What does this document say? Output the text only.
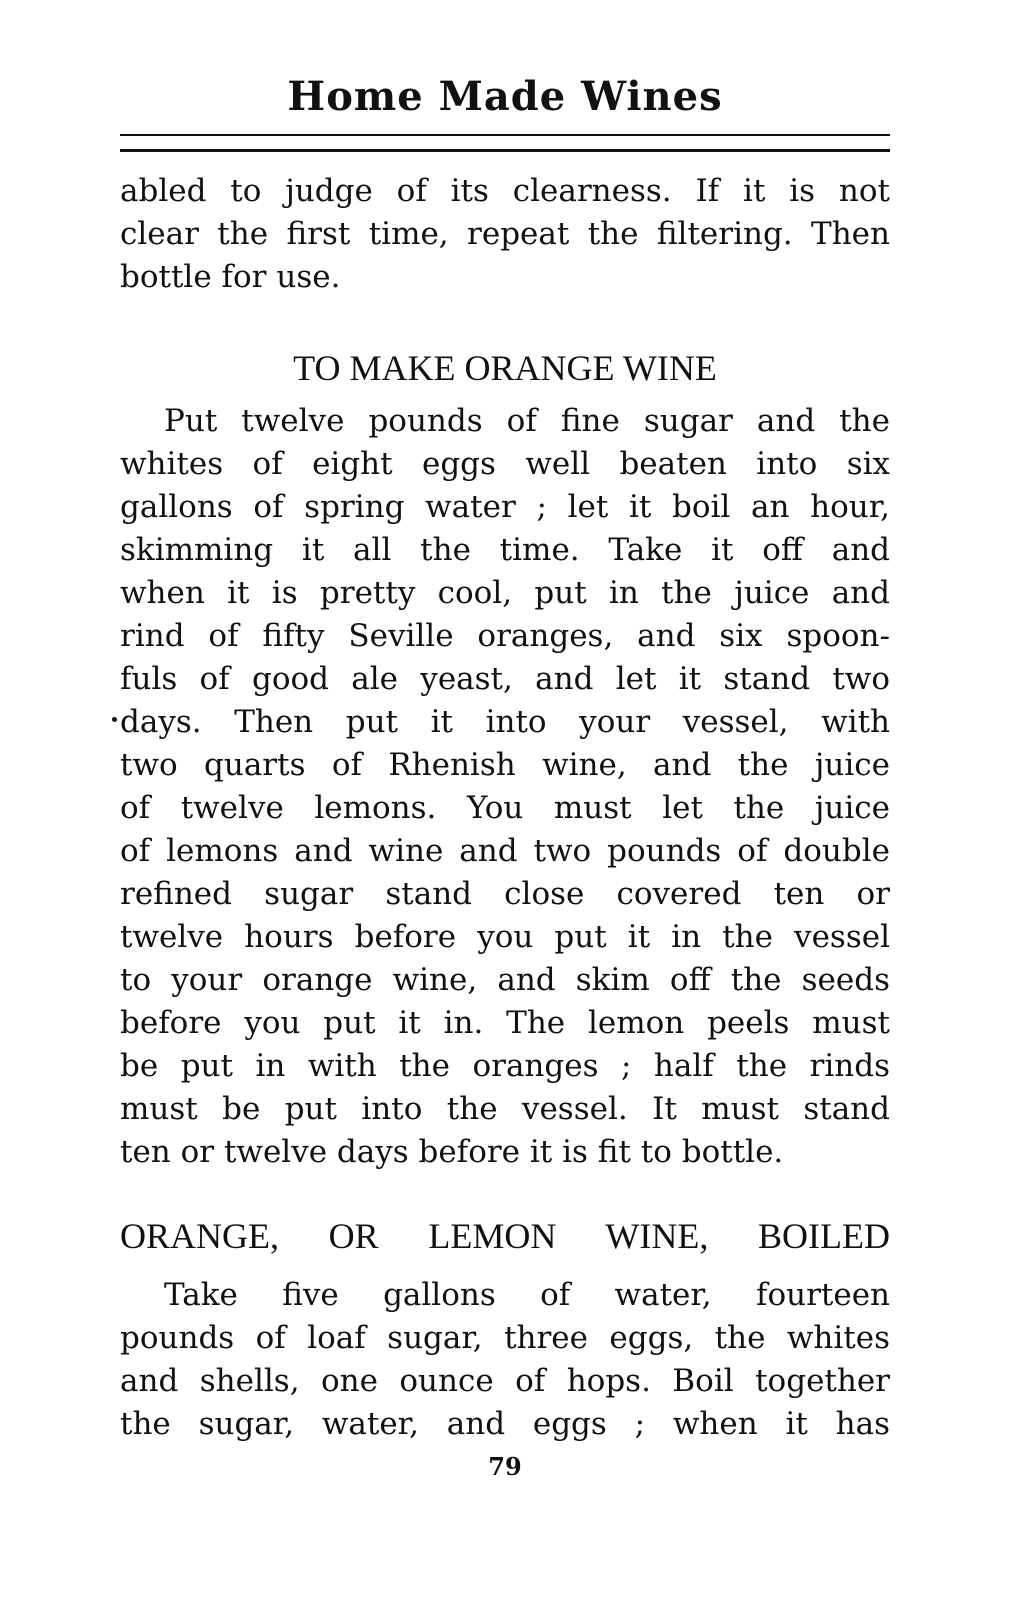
Home Made Wines
abled to judge of its clearness. If it is not
clear the first time, repeat the filtering. Then
bottle for use.
TO MAKE ORANGE WINE
Put twelve pounds of fine sugar and the
whites of eight eggs well beaten into six
gallons of spring water ; let it boil an hour,
skimming it all the time. Take it off and
when it is pretty cool, put in the juice and
rind of fifty Seville oranges, and six spoon-
fuls of good ale yeast, and let it stand two
days. Then put it into your vessel, with
two quarts of Rhenish wine, and the juice
of twelve lemons. You must let the juice
of lemons and wine and two pounds of double
refined sugar stand close covered ten or
twelve hours before you put it in the vessel
to your orange wine, and skim off the seeds
before you put it in. The lemon peels must
be put in with the oranges ; half the rinds
must be put into the vessel. It must stand
ten or twelve days before it is fit to bottle.
ORANGE, OR LEMON WINE, BOILED
Take five gallons of water, fourteen
pounds of loaf sugar, three eggs, the whites
and shells, one ounce of hops. Boil together
the sugar, water, and eggs ; when it has
79
